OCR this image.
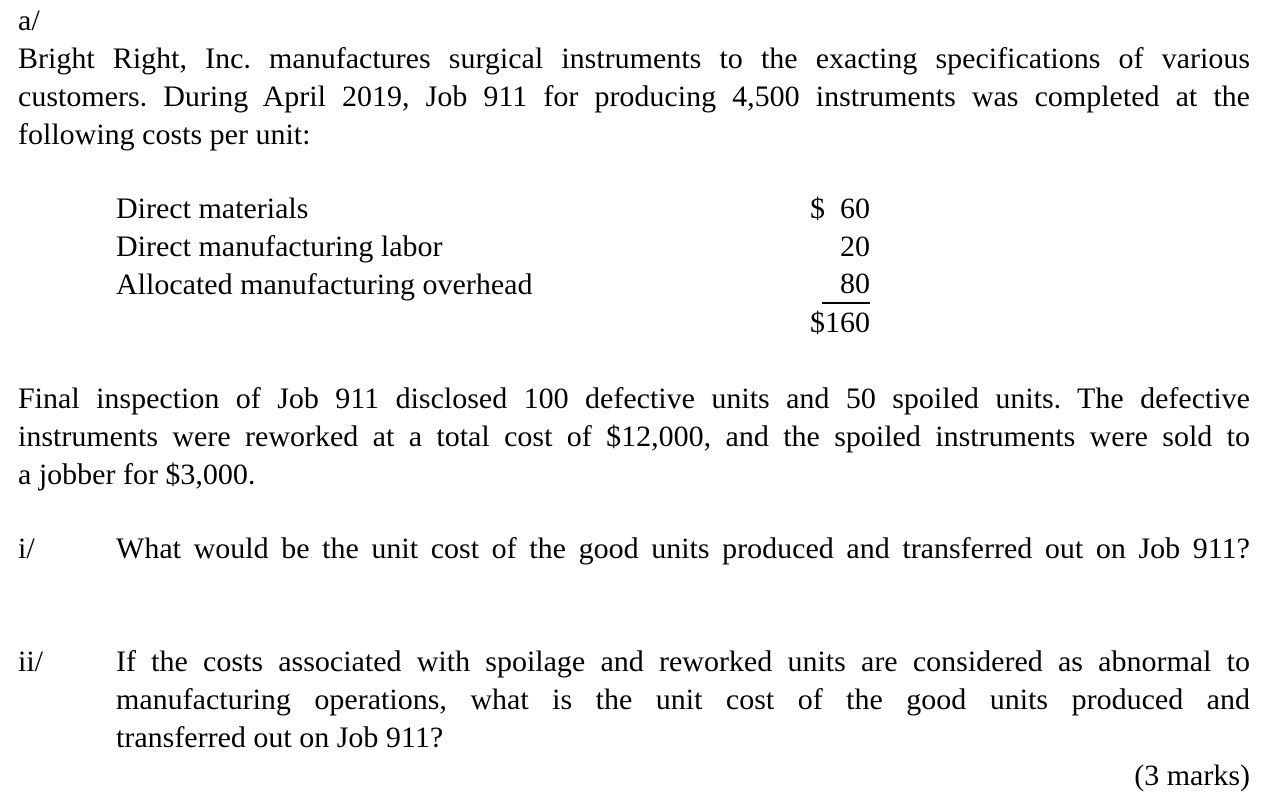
a/

Bright Right, Inc. manufactures surgical instruments to the exacting specifications of various

customers. During April 2019, Job 911 for producing 4,500 instruments was completed at the

following costs per unit:

Direct materials	$  60
Direct manufacturing labor	20
Allocated manufacturing overhead	80
$160

Final inspection of Job 911 disclosed 100 defective units and 50 spoiled units. The defective

instruments were reworked at a total cost of $12,000, and the spoiled instruments were sold to

a jobber for $3,000.

i/	What would be the unit cost of the good units produced and transferred out on Job 911?

ii/ If the costs associated with spoilage and reworked units are considered as abnormal to

manufacturing operations, what is the unit cost of the good units produced and

transferred out on Job 911?

(3 marks)
